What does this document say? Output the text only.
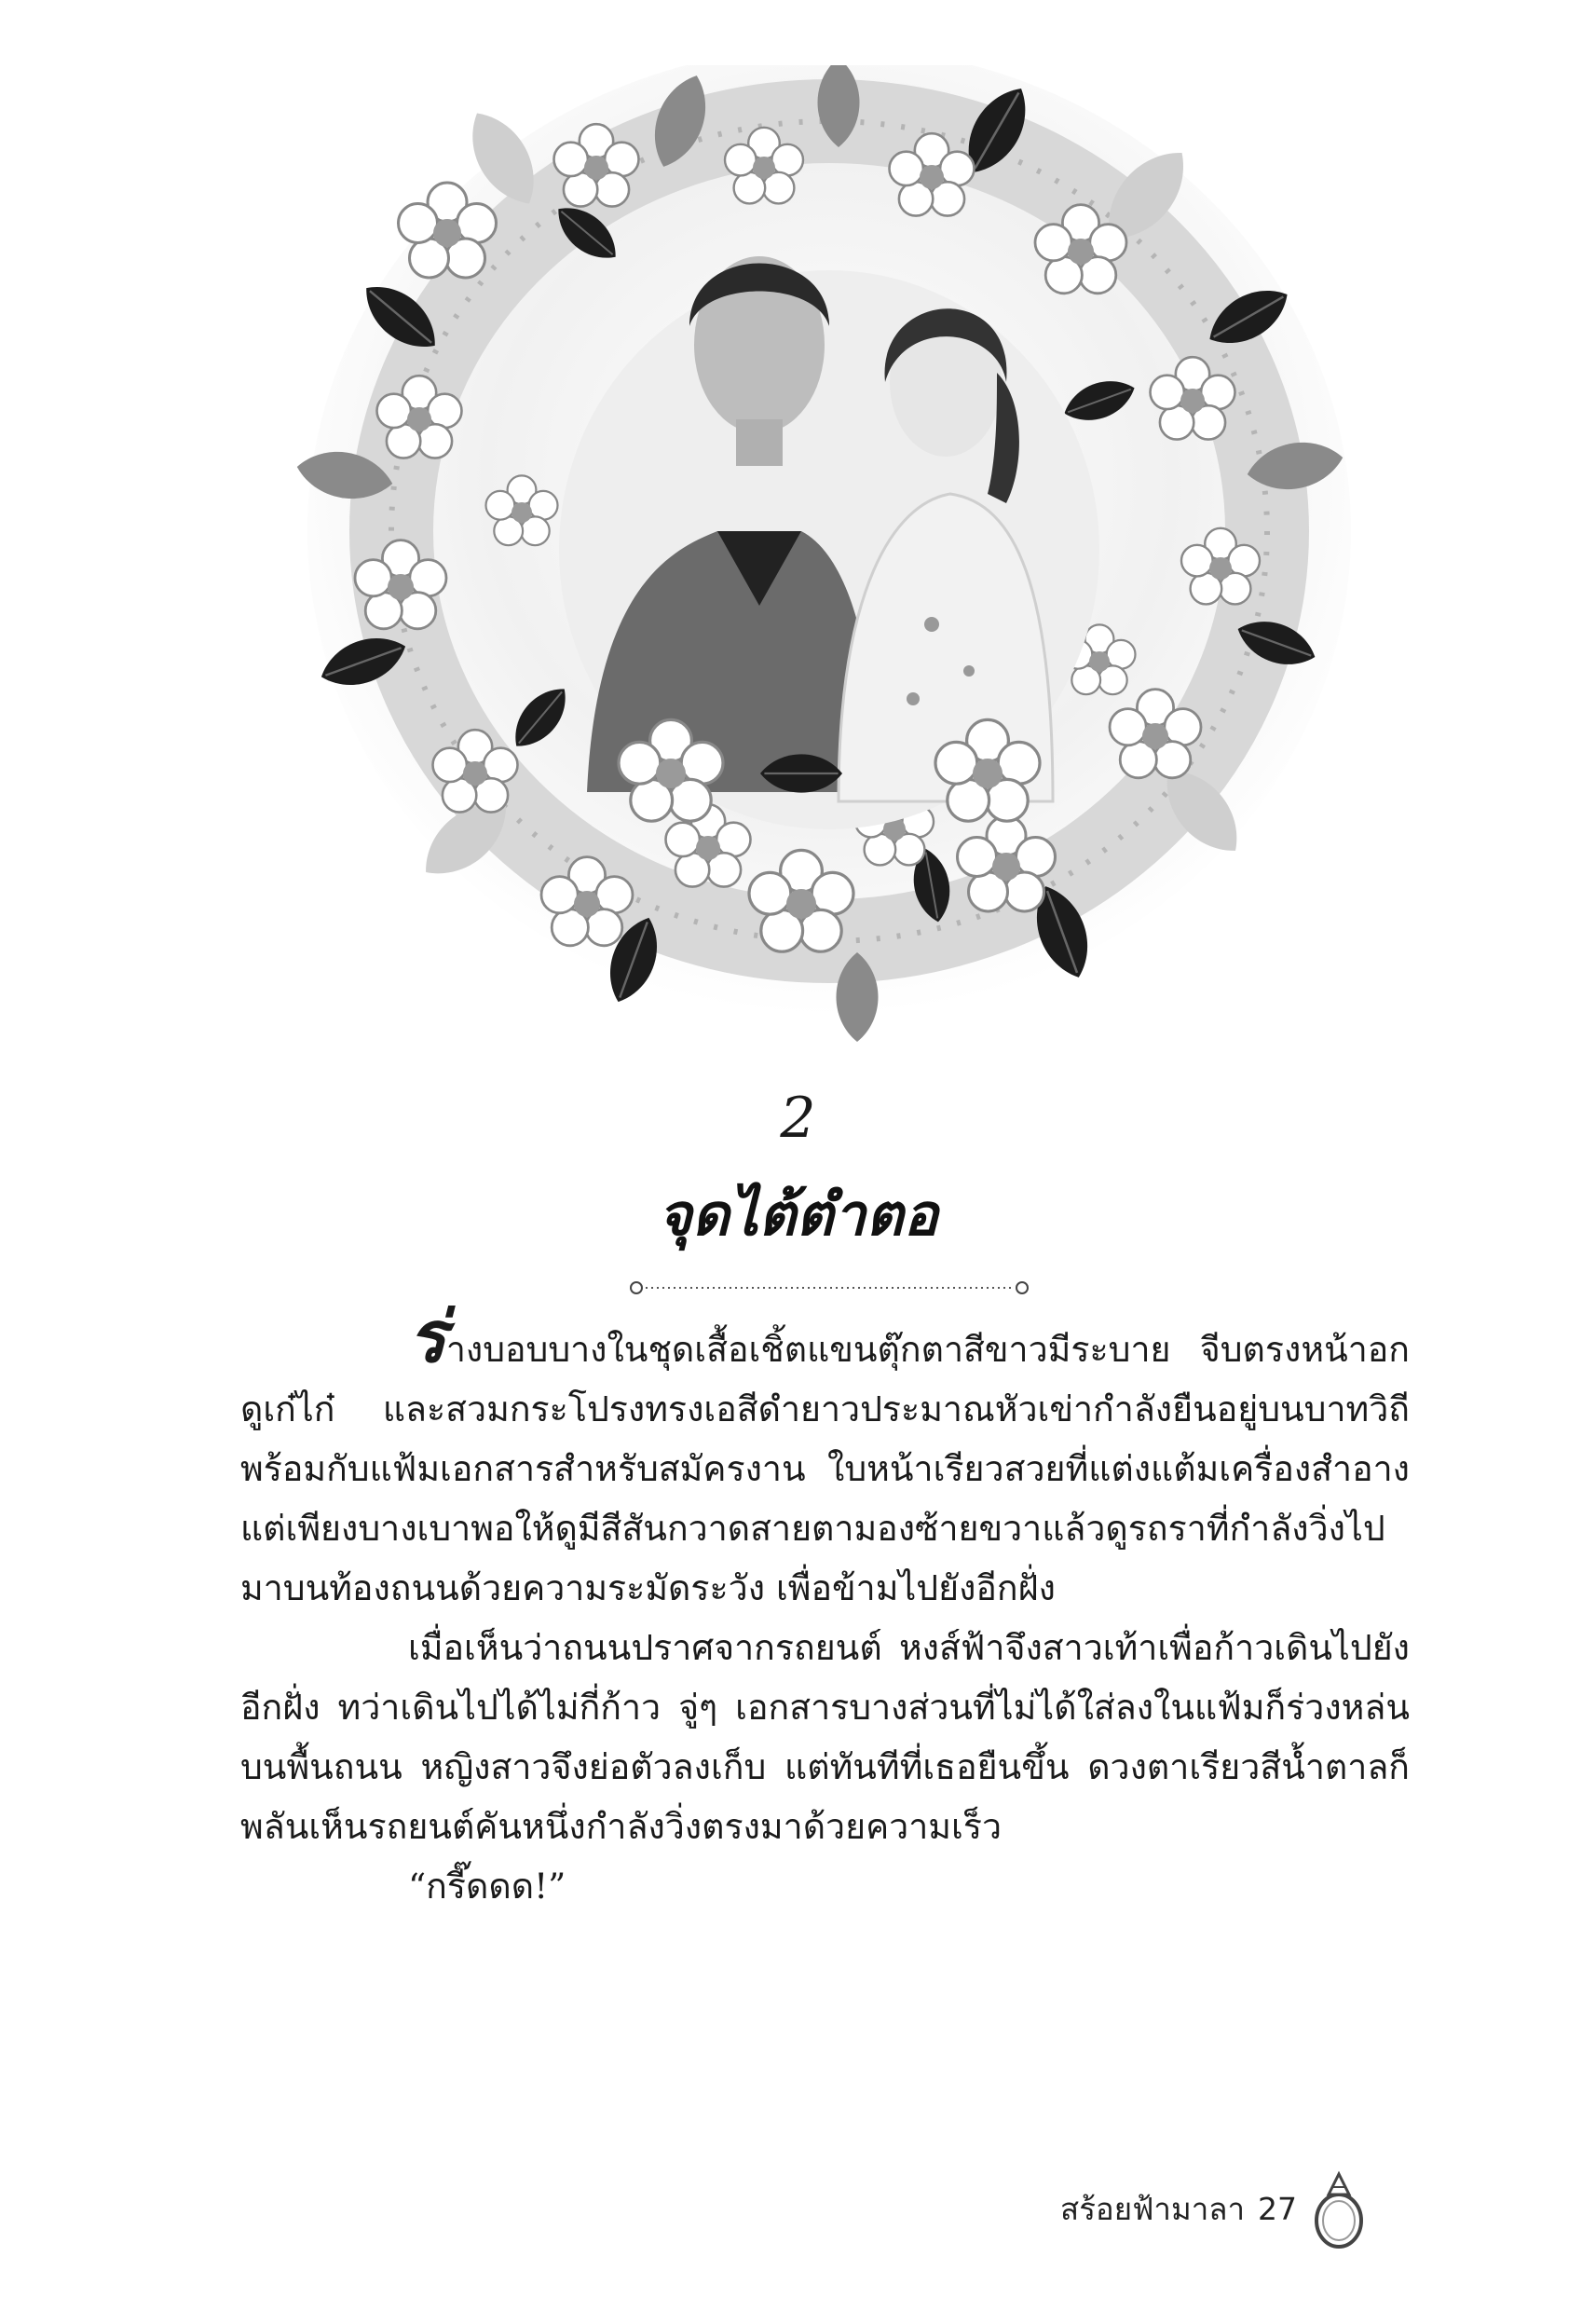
2
จุดไต้ตำตอ

ร่างบอบบางในชุดเสื้อเชิ้ตแขนตุ๊กตาสีขาวมีระบาย จีบตรงหน้าอกดูเก๋ไก๋ และสวมกระโปรงทรงเอสีดำยาวประมาณหัวเข่ากำลังยืนอยู่บนบาทวิถีพร้อมกับแฟ้มเอกสารสำหรับสมัครงาน ใบหน้าเรียวสวยที่แต่งแต้มเครื่องสำอางแต่เพียงบางเบาพอให้ดูมีสีสันกวาดสายตามองซ้ายขวาแล้วดูรถราที่กำลังวิ่งไปมาบนท้องถนนด้วยความระมัดระวัง เพื่อข้ามไปยังอีกฝั่ง

เมื่อเห็นว่าถนนปราศจากรถยนต์ หงส์ฟ้าจึงสาวเท้าเพื่อก้าวเดินไปยังอีกฝั่ง ทว่าเดินไปได้ไม่กี่ก้าว จู่ๆ เอกสารบางส่วนที่ไม่ได้ใส่ลงในแฟ้มก็ร่วงหล่นบนพื้นถนน หญิงสาวจึงย่อตัวลงเก็บ แต่ทันทีที่เธอยืนขึ้น ดวงตาเรียวสีน้ำตาลก็พลันเห็นรถยนต์คันหนึ่งกำลังวิ่งตรงมาด้วยความเร็ว

“กรี๊ดดด!”

สร้อยฟ้ามาลา 27
